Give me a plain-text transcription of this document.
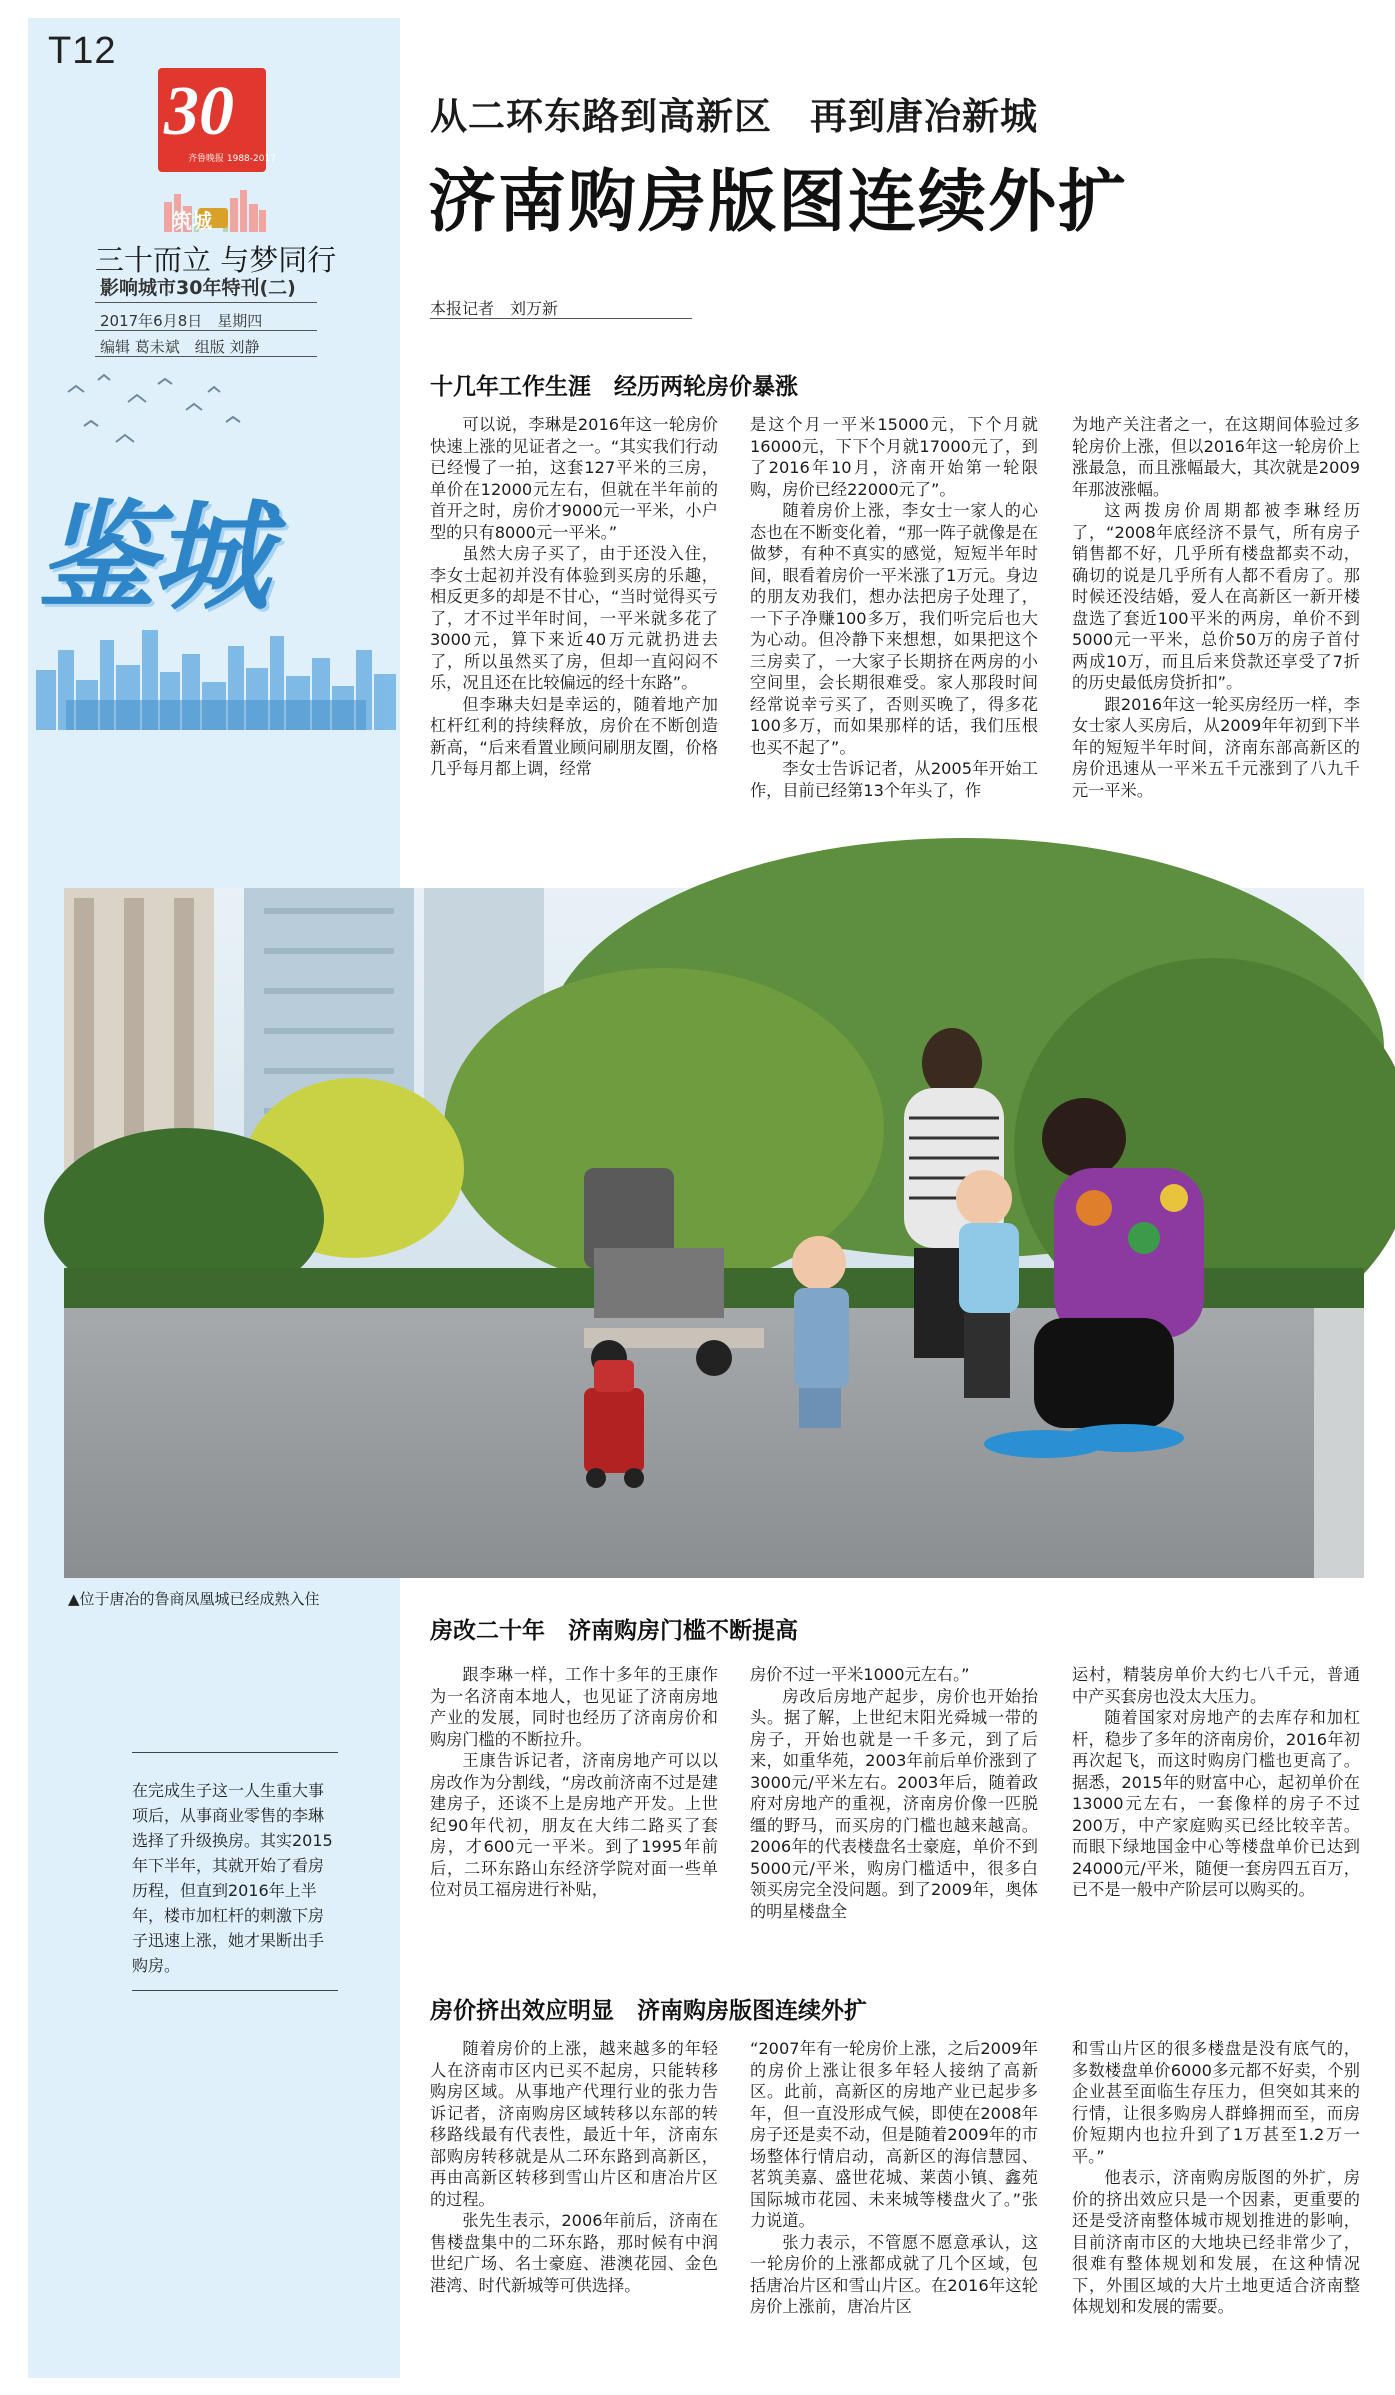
T12
30
齐鲁晚报 1988-2017
筑城
三十而立 与梦同行
影响城市30年特刊(二)
2017年6月8日　星期四
编辑 葛未斌　组版 刘静
鉴城
在完成生子这一人生重大事项后，从事商业零售的李琳选择了升级换房。其实2015年下半年，其就开始了看房历程，但直到2016年上半年，楼市加杠杆的刺激下房子迅速上涨，她才果断出手购房。
从二环东路到高新区　再到唐冶新城
济南购房版图连续外扩
本报记者　刘万新
十几年工作生涯　经历两轮房价暴涨

可以说，李琳是2016年这一轮房价快速上涨的见证者之一。“其实我们行动已经慢了一拍，这套127平米的三房，单价在12000元左右，但就在半年前的首开之时，房价才9000元一平米，小户型的只有8000元一平米。”

虽然大房子买了，由于还没入住，李女士起初并没有体验到买房的乐趣，相反更多的却是不甘心，“当时觉得买亏了，才不过半年时间，一平米就多花了3000元，算下来近40万元就扔进去了，所以虽然买了房，但却一直闷闷不乐，况且还在比较偏远的经十东路”。

但李琳夫妇是幸运的，随着地产加杠杆红利的持续释放，房价在不断创造新高，“后来看置业顾问刷朋友圈，价格几乎每月都上调，经常

是这个月一平米15000元，下个月就16000元，下下个月就17000元了，到了2016年10月，济南开始第一轮限购，房价已经22000元了”。

随着房价上涨，李女士一家人的心态也在不断变化着，“那一阵子就像是在做梦，有种不真实的感觉，短短半年时间，眼看着房价一平米涨了1万元。身边的朋友劝我们，想办法把房子处理了，一下子净赚100多万，我们听完后也大为心动。但冷静下来想想，如果把这个三房卖了，一大家子长期挤在两房的小空间里，会长期很难受。家人那段时间经常说幸亏买了，否则买晚了，得多花100多万，而如果那样的话，我们压根也买不起了”。

李女士告诉记者，从2005年开始工作，目前已经第13个年头了，作

为地产关注者之一，在这期间体验过多轮房价上涨，但以2016年这一轮房价上涨最急，而且涨幅最大，其次就是2009年那波涨幅。

这两拨房价周期都被李琳经历了，“2008年底经济不景气，所有房子销售都不好，几乎所有楼盘都卖不动，确切的说是几乎所有人都不看房了。那时候还没结婚，爱人在高新区一新开楼盘选了套近100平米的两房，单价不到5000元一平米，总价50万的房子首付两成10万，而且后来贷款还享受了7折的历史最低房贷折扣”。

跟2016年这一轮买房经历一样，李女士家人买房后，从2009年年初到下半年的短短半年时间，济南东部高新区的房价迅速从一平米五千元涨到了八九千元一平米。

▲位于唐冶的鲁商凤凰城已经成熟入住
房改二十年　济南购房门槛不断提高

跟李琳一样，工作十多年的王康作为一名济南本地人，也见证了济南房地产业的发展，同时也经历了济南房价和购房门槛的不断拉升。

王康告诉记者，济南房地产可以以房改作为分割线，“房改前济南不过是建建房子，还谈不上是房地产开发。上世纪90年代初，朋友在大纬二路买了套房，才600元一平米。到了1995年前后，二环东路山东经济学院对面一些单位对员工福房进行补贴，

房价不过一平米1000元左右。”

房改后房地产起步，房价也开始抬头。据了解，上世纪末阳光舜城一带的房子，开始也就是一千多元，到了后来，如重华苑，2003年前后单价涨到了3000元/平米左右。2003年后，随着政府对房地产的重视，济南房价像一匹脱缰的野马，而买房的门槛也越来越高。2006年的代表楼盘名士豪庭，单价不到5000元/平米，购房门槛适中，很多白领买房完全没问题。到了2009年，奥体的明星楼盘全

运村，精装房单价大约七八千元，普通中产买套房也没太大压力。

随着国家对房地产的去库存和加杠杆，稳步了多年的济南房价，2016年初再次起飞，而这时购房门槛也更高了。据悉，2015年的财富中心，起初单价在13000元左右，一套像样的房子不过200万，中产家庭购买已经比较辛苦。而眼下绿地国金中心等楼盘单价已达到24000元/平米，随便一套房四五百万，已不是一般中产阶层可以购买的。

房价挤出效应明显　济南购房版图连续外扩

随着房价的上涨，越来越多的年轻人在济南市区内已买不起房，只能转移购房区域。从事地产代理行业的张力告诉记者，济南购房区域转移以东部的转移路线最有代表性，最近十年，济南东部购房转移就是从二环东路到高新区，再由高新区转移到雪山片区和唐冶片区的过程。

张先生表示，2006年前后，济南在售楼盘集中的二环东路，那时候有中润世纪广场、名士豪庭、港澳花园、金色港湾、时代新城等可供选择。

“2007年有一轮房价上涨，之后2009年的房价上涨让很多年轻人接纳了高新区。此前，高新区的房地产业已起步多年，但一直没形成气候，即使在2008年房子还是卖不动，但是随着2009年的市场整体行情启动，高新区的海信慧园、茗筑美嘉、盛世花城、莱茵小镇、鑫苑国际城市花园、未来城等楼盘火了。”张力说道。

张力表示，不管愿不愿意承认，这一轮房价的上涨都成就了几个区域，包括唐冶片区和雪山片区。在2016年这轮房价上涨前，唐冶片区

和雪山片区的很多楼盘是没有底气的，多数楼盘单价6000多元都不好卖，个别企业甚至面临生存压力，但突如其来的行情，让很多购房人群蜂拥而至，而房价短期内也拉升到了1万甚至1.2万一平。”

他表示，济南购房版图的外扩，房价的挤出效应只是一个因素，更重要的还是受济南整体城市规划推进的影响，目前济南市区的大地块已经非常少了，很难有整体规划和发展，在这种情况下，外围区域的大片土地更适合济南整体规划和发展的需要。
